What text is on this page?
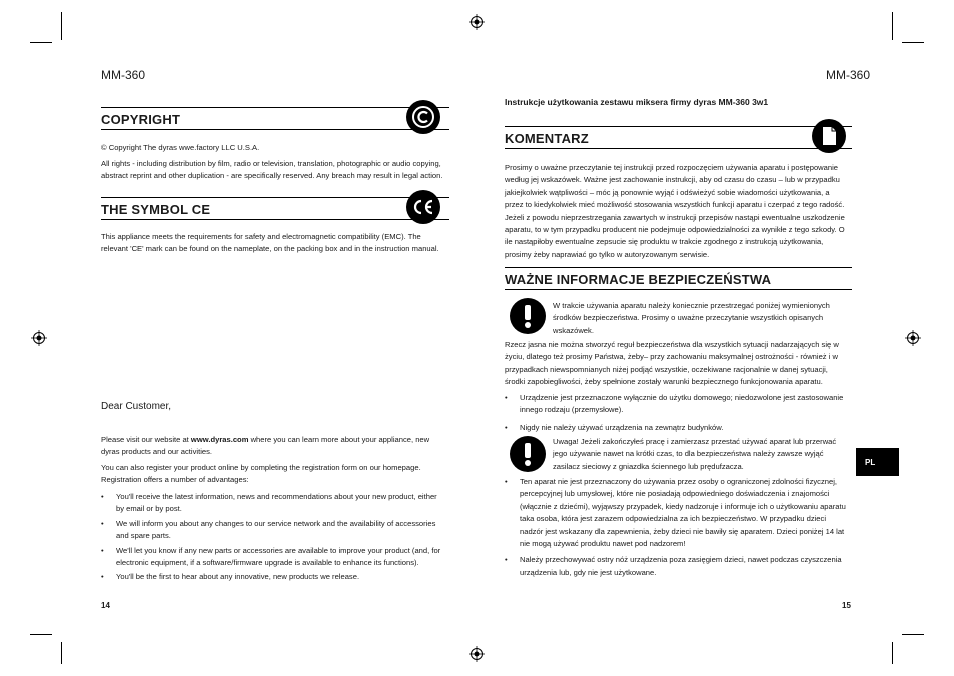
MM-360
COPYRIGHT
© Copyright The dyras wwe.factory LLC U.S.A.
All rights - including distribution by film, radio or television, translation, photographic or audio copying, abstract reprint and other duplication - are specifically reserved. Any breach may result in legal action.
THE SYMBOL CE
This appliance meets the requirements for safety and electromagnetic compatibility (EMC). The relevant 'CE' mark can be found on the nameplate, on the packing box and in the instruction manual.
Dear Customer,
Please visit our website at www.dyras.com where you can learn more about your appliance, new dyras products and our activities.
You can also register your product online by completing the registration form on our homepage. Registration offers a number of advantages:
• You'll receive the latest information, news and recommendations about your new product, either by email or by post.
• We will inform you about any changes to our service network and the availability of accessories and spare parts.
• We'll let you know if any new parts or accessories are available to improve your product (and, for electronic equipment, if a software/firmware upgrade is available to enhance its functions).
• You'll be the first to hear about any innovative, new products we release.
14
MM-360
Instrukcje użytkowania zestawu miksera firmy dyras MM-360 3w1
KOMENTARZ
Prosimy o uważne przeczytanie tej instrukcji przed rozpoczęciem używania aparatu i postępowanie według jej wskazówek. Ważne jest zachowanie instrukcji, aby od czasu do czasu – lub w przypadku jakiejkolwiek wątpliwości – móc ją ponownie wyjąć i odświeżyć sobie wiadomości użytkowania, a przez to kiedykolwiek mieć możliwość stosowania wszystkich funkcji aparatu i czerpać z tego radość. Jeżeli z powodu nieprzestrzegania zawartych w instrukcji przepisów nastąpi ewentualne uszkodzenie aparatu, to w tym przypadku producent nie podejmuje odpowiedzialności za wynikłe z tego szkody. O ile nastąpiłoby ewentualne zepsucie się produktu w trakcie zgodnego z instrukcją użytkowania, prosimy żeby naprawiać go tylko w autoryzowanym serwisie.
WAŻNE INFORMACJE BEZPIECZEŃSTWA
W trakcie używania aparatu należy koniecznie przestrzegać poniżej wymienionych środków bezpieczeństwa. Prosimy o uważne przeczytanie wszystkich opisanych wskazówek.
Rzecz jasna nie można stworzyć reguł bezpieczeństwa dla wszystkich sytuacji nadarzających się w życiu, dlatego też prosimy Państwa, żeby– przy zachowaniu maksymalnej ostrożności - również i w przypadkach niewspomnianych niżej podjąć wszystkie, oczekiwane racjonalnie w danej sytuacji, środki zapobiegliwości, żeby spełnione zostały warunki bezpiecznego funkcjonowania aparatu.
• Urządzenie jest przeznaczone wyłącznie do użytku domowego; niedozwolone jest zastosowanie innego rodzaju (przemysłowe).
• Nigdy nie należy używać urządzenia na zewnątrz budynków.
Uwaga! Jeżeli zakończyłeś pracę i zamierzasz przestać używać aparat lub przerwać jego używanie nawet na krótki czas, to dla bezpieczeństwa należy zawsze wyjąć zasilacz sieciowy z gniazdka ściennego lub prędufzacza.
• Ten aparat nie jest przeznaczony do używania przez osoby o ograniczonej zdolności fizycznej, percepcyjnej lub umysłowej, które nie posiadają odpowiedniego doświadczenia i znajomości (włącznie z dziećmi), wyjąwszy przypadek, kiedy nadzoruje i informuje ich o użytkowaniu aparatu taka osoba, która jest zarazem odpowiedzialna za ich bezpieczeństwo. W przypadku dzieci nadzór jest wskazany dla zapewnienia, żeby dzieci nie bawiły się aparatem. Dzieci poniżej 14 lat nie mogą używać produktu nawet pod nadzorem!
• Należy przechowywać ostry nóż urządzenia poza zasięgiem dzieci, nawet podczas czyszczenia urządzenia lub, gdy nie jest użytkowane.
PL
15
